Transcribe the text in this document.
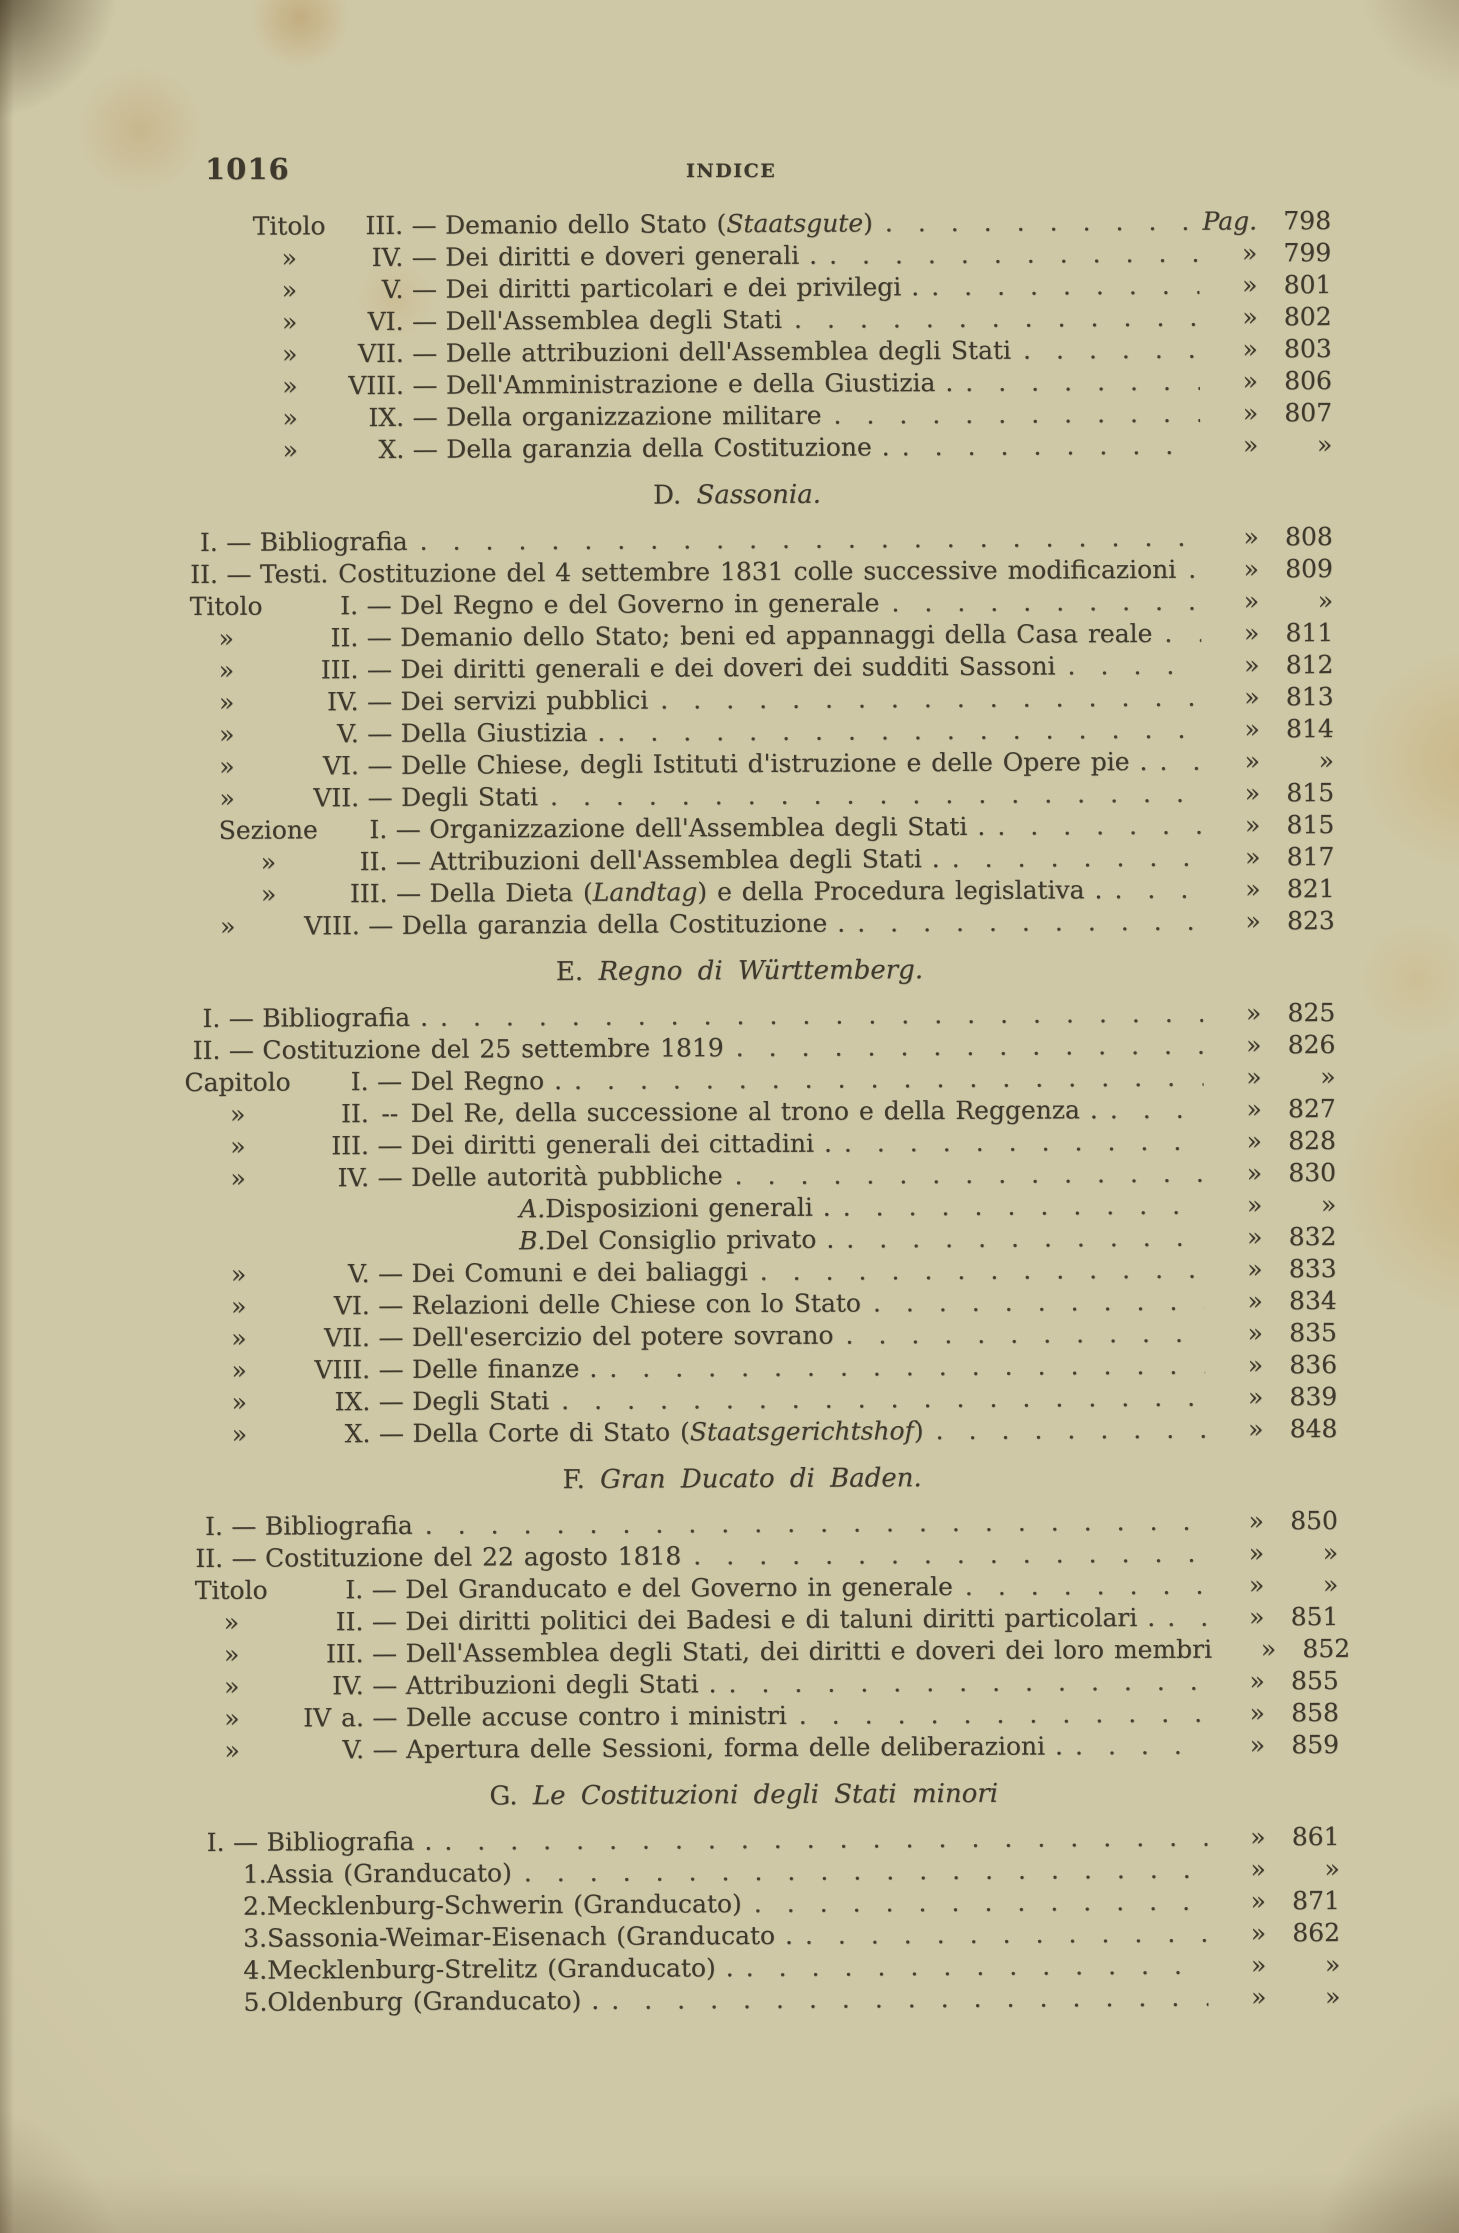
1016	INDICE
Titolo	III. — Demanio dello Stato (Staatsgute) .....	Pag.	798
»	IV. — Dei diritti e doveri generali . .....	»	799
»	V. — Dei diritti particolari e dei privilegi . .....	»	801
»	VI. — Dell'Assemblea degli Stati .....	»	802
»	VII. — Delle attribuzioni dell'Assemblea degli Stati .....	»	803
»	VIII. — Dell'Amministrazione e della Giustizia . .....	»	806
»	IX. — Della organizzazione militare .....	»	807
»	X. — Della garanzia della Costituzione . .....	»	»
D. Sassonia.
I. — Bibliografia .....	»	808
II. — Testi. Costituzione del 4 settembre 1831 colle successive modificazioni .....	»	809
Titolo	I. — Del Regno e del Governo in generale .....	»	»
»	II. — Demanio dello Stato; beni ed appannaggi della Casa reale .....	»	811
»	III. — Dei diritti generali e dei doveri dei sudditi Sassoni .....	»	812
»	IV. — Dei servizi pubblici .....	»	813
»	V. — Della Giustizia . .....	»	814
»	VI. — Delle Chiese, degli Istituti d'istruzione e delle Opere pie . .....	»	»
»	VII. — Degli Stati .....	»	815
Sezione	I. — Organizzazione dell'Assemblea degli Stati . .....	»	815
»	II. — Attribuzioni dell'Assemblea degli Stati . .....	»	817
»	III. — Della Dieta (Landtag) e della Procedura legislativa . .....	»	821
»	VIII. — Della garanzia della Costituzione . .....	»	823
E. Regno di Württemberg.
I. — Bibliografia . .....	»	825
II. — Costituzione del 25 settembre 1819 .....	»	826
Capitolo	I. — Del Regno . .....	»	»
»	II. -- Del Re, della successione al trono e della Reggenza . .....	»	827
»	III. — Dei diritti generali dei cittadini . .....	»	828
»	IV. — Delle autorità pubbliche .....	»	830
A. Disposizioni generali . .....	»	»
B. Del Consiglio privato . .....	»	832
»	V. — Dei Comuni e dei baliaggi .....	»	833
»	VI. — Relazioni delle Chiese con lo Stato .....	»	834
»	VII. — Dell'esercizio del potere sovrano .....	»	835
»	VIII. — Delle finanze . .....	»	836
»	IX. — Degli Stati .....	»	839
»	X. — Della Corte di Stato (Staatsgerichtshof) .....	»	848
F. Gran Ducato di Baden.
I. — Bibliografia .....	»	850
II. — Costituzione del 22 agosto 1818 .....	»	»
Titolo	I. — Del Granducato e del Governo in generale .....	»	»
»	II. — Dei diritti politici dei Badesi e di taluni diritti particolari . .....	»	851
»	III. — Dell'Assemblea degli Stati, dei diritti e doveri dei loro membri .....	»	852
»	IV. — Attribuzioni degli Stati . .....	»	855
»	IV a. — Delle accuse contro i ministri .....	»	858
»	V. — Apertura delle Sessioni, forma delle deliberazioni . .....	»	859
G. Le Costituzioni degli Stati minori
I. — Bibliografia . .....	»	861
1. Assia (Granducato) .....	»	»
2. Mecklenburg-Schwerin (Granducato) .....	»	871
3. Sassonia-Weimar-Eisenach (Granducato . .....	»	862
4. Mecklenburg-Strelitz (Granducato) . .....	»	»
5. Oldenburg (Granducato) . .....	»	»
